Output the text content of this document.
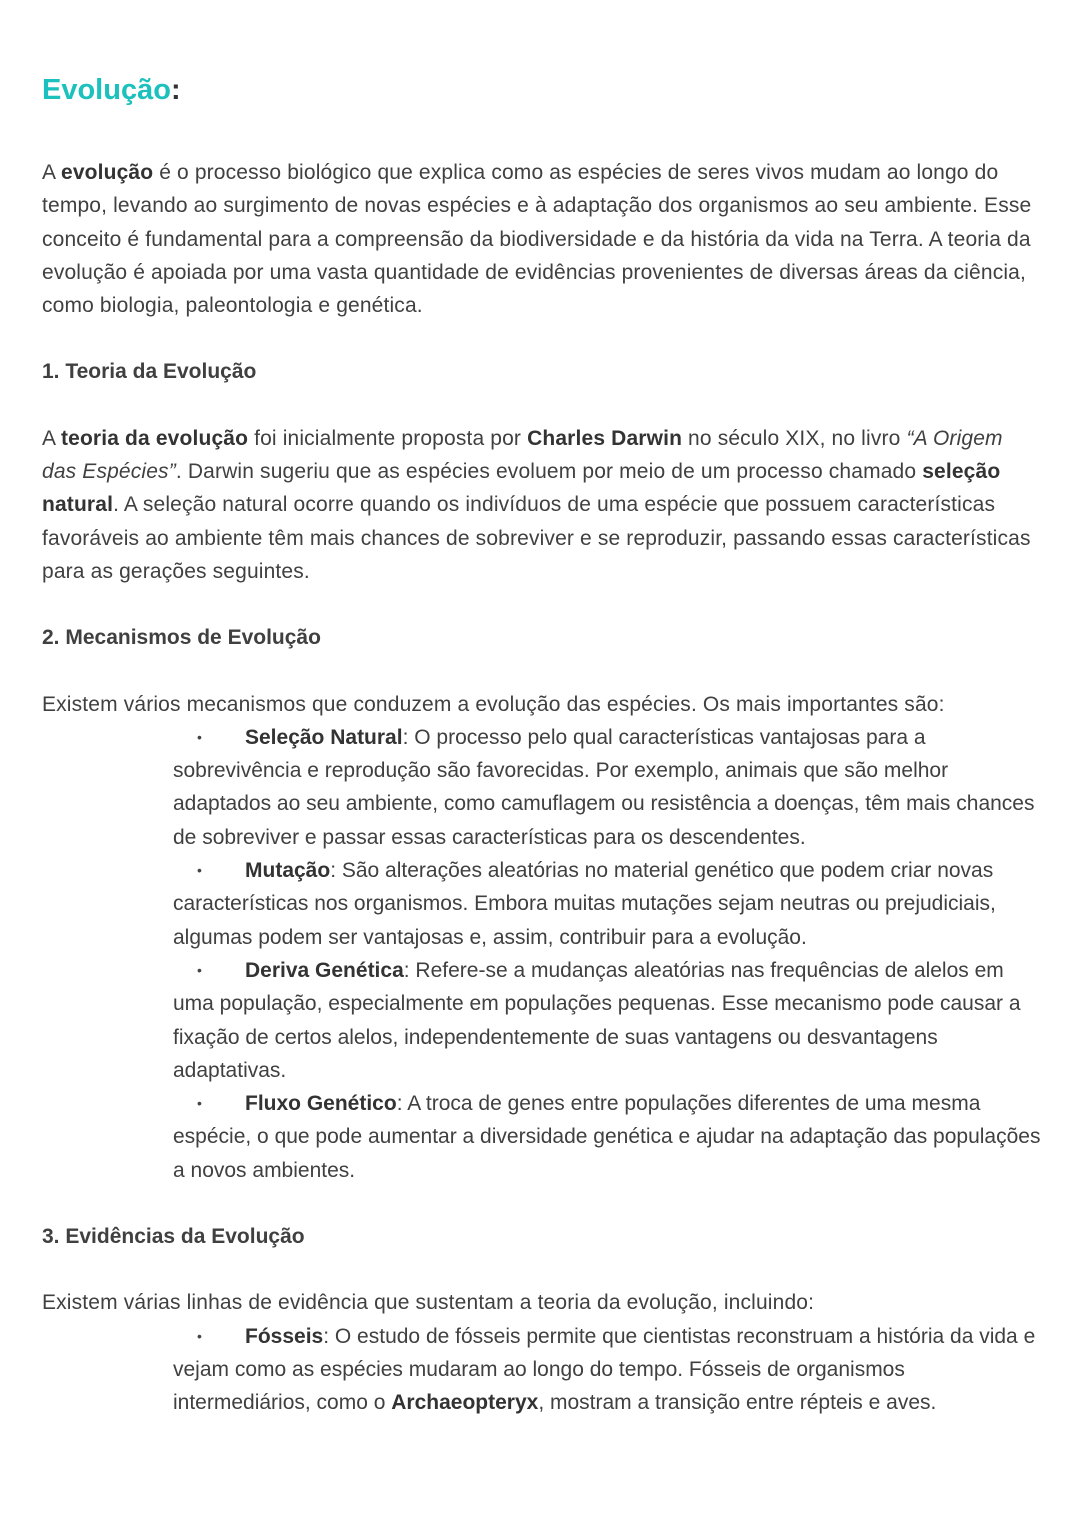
Evolução:

A evolução é o processo biológico que explica como as espécies de seres vivos mudam ao longo do tempo, levando ao surgimento de novas espécies e à adaptação dos organismos ao seu ambiente. Esse conceito é fundamental para a compreensão da biodiversidade e da história da vida na Terra. A teoria da evolução é apoiada por uma vasta quantidade de evidências provenientes de diversas áreas da ciência, como biologia, paleontologia e genética.

1. Teoria da Evolução

A teoria da evolução foi inicialmente proposta por Charles Darwin no século XIX, no livro “A Origem das Espécies”. Darwin sugeriu que as espécies evoluem por meio de um processo chamado seleção natural. A seleção natural ocorre quando os indivíduos de uma espécie que possuem características favoráveis ao ambiente têm mais chances de sobreviver e se reproduzir, passando essas características para as gerações seguintes.

2. Mecanismos de Evolução

Existem vários mecanismos que conduzem a evolução das espécies. Os mais importantes são:

• Seleção Natural: O processo pelo qual características vantajosas para a sobrevivência e reprodução são favorecidas. Por exemplo, animais que são melhor adaptados ao seu ambiente, como camuflagem ou resistência a doenças, têm mais chances de sobreviver e passar essas características para os descendentes.
• Mutação: São alterações aleatórias no material genético que podem criar novas características nos organismos. Embora muitas mutações sejam neutras ou prejudiciais, algumas podem ser vantajosas e, assim, contribuir para a evolução.
• Deriva Genética: Refere-se a mudanças aleatórias nas frequências de alelos em uma população, especialmente em populações pequenas. Esse mecanismo pode causar a fixação de certos alelos, independentemente de suas vantagens ou desvantagens adaptativas.
• Fluxo Genético: A troca de genes entre populações diferentes de uma mesma espécie, o que pode aumentar a diversidade genética e ajudar na adaptação das populações a novos ambientes.
3. Evidências da Evolução

Existem várias linhas de evidência que sustentam a teoria da evolução, incluindo:

• Fósseis: O estudo de fósseis permite que cientistas reconstruam a história da vida e vejam como as espécies mudaram ao longo do tempo. Fósseis de organismos intermediários, como o Archaeopteryx, mostram a transição entre répteis e aves.
